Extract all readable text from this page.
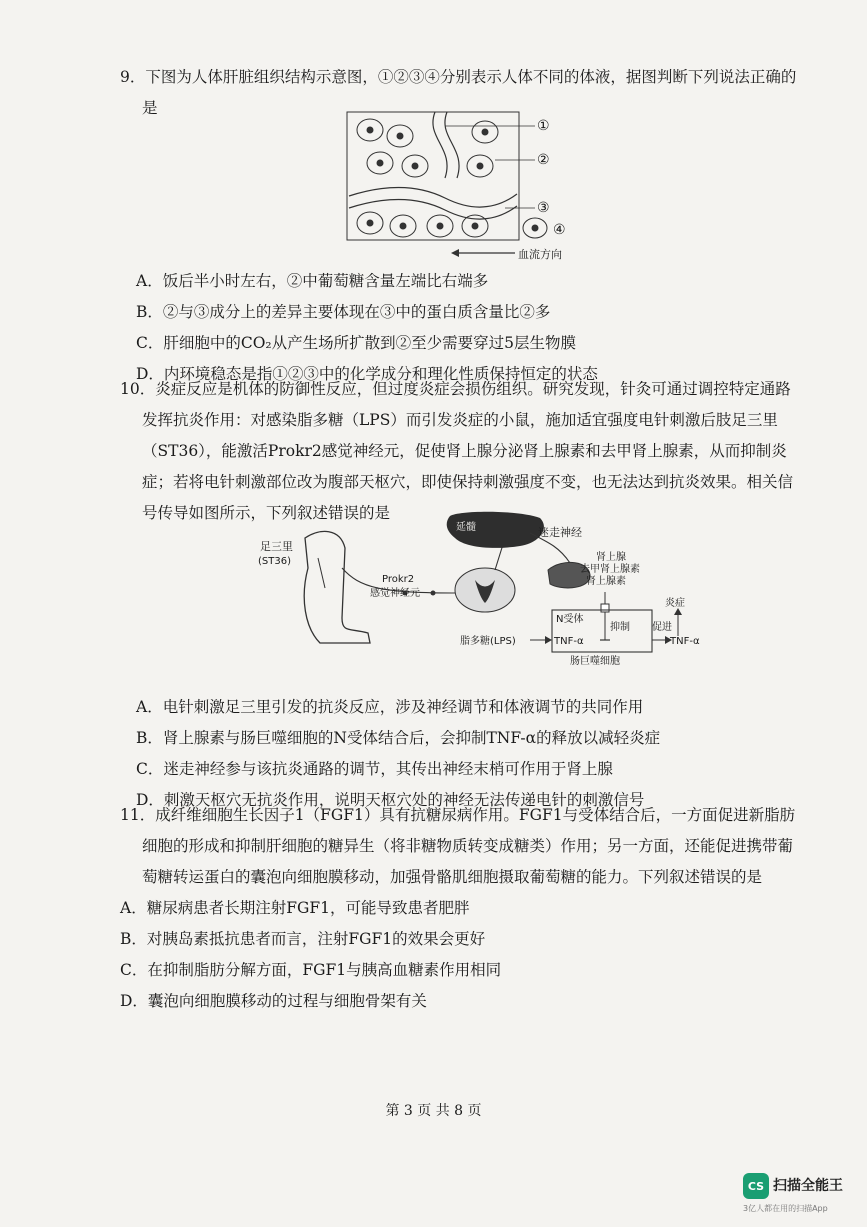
9．下图为人体肝脏组织结构示意图，①②③④分别表示人体不同的体液，据图判断下列说法正确的是

①
②
③
④
血流方向

A．饭后半小时左右，②中葡萄糖含量左端比右端多

B．②与③成分上的差异主要体现在③中的蛋白质含量比②多

C．肝细胞中的CO₂从产生场所扩散到②至少需要穿过5层生物膜

D．内环境稳态是指①②③中的化学成分和理化性质保持恒定的状态

10．炎症反应是机体的防御性反应，但过度炎症会损伤组织。研究发现，针灸可通过调控特定通路发挥抗炎作用：对感染脂多糖（LPS）而引发炎症的小鼠，施加适宜强度电针刺激后肢足三里（ST36），能激活Prokr2感觉神经元，促使肾上腺分泌肾上腺素和去甲肾上腺素，从而抑制炎症；若将电针刺激部位改为腹部天枢穴，即使保持刺激强度不变，也无法达到抗炎效果。相关信号传导如图所示，下列叙述错误的是

足三里
(ST36)
Prokr2
感觉神经元
延髓	迷走神经
肾上腺
去甲肾上腺素
肾上腺素
N受体
抑制
炎症
促进
脂多糖(LPS)	TNF-α	TNF-α
肠巨噬细胞

A．电针刺激足三里引发的抗炎反应，涉及神经调节和体液调节的共同作用

B．肾上腺素与肠巨噬细胞的N受体结合后，会抑制TNF-α的释放以减轻炎症

C．迷走神经参与该抗炎通路的调节，其传出神经末梢可作用于肾上腺

D．刺激天枢穴无抗炎作用，说明天枢穴处的神经无法传递电针的刺激信号

11．成纤维细胞生长因子1（FGF1）具有抗糖尿病作用。FGF1与受体结合后，一方面促进新脂肪细胞的形成和抑制肝细胞的糖异生（将非糖物质转变成糖类）作用；另一方面，还能促进携带葡萄糖转运蛋白的囊泡向细胞膜移动，加强骨骼肌细胞摄取葡萄糖的能力。下列叙述错误的是

A．糖尿病患者长期注射FGF1，可能导致患者肥胖

B．对胰岛素抵抗患者而言，注射FGF1的效果会更好

C．在抑制脂肪分解方面，FGF1与胰高血糖素作用相同

D．囊泡向细胞膜移动的过程与细胞骨架有关

第 3 页 共 8 页
CS 扫描全能王
3亿人都在用的扫描App
